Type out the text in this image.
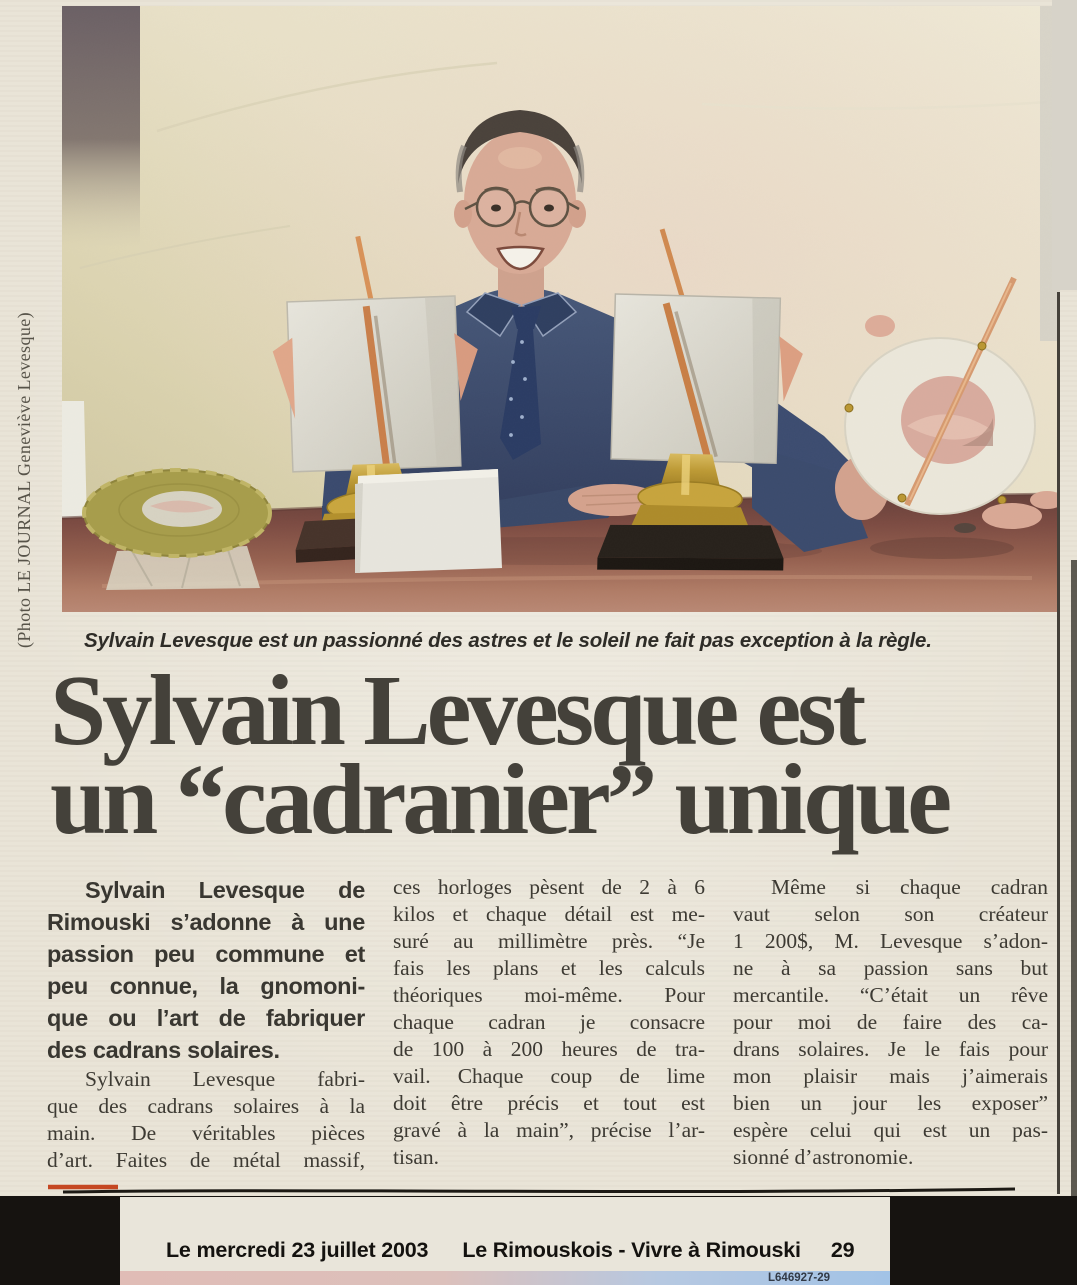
(Photo LE JOURNAL Geneviève Levesque) Sylvain Levesque est un passionné des astres et le soleil ne fait pas exception à la règle.
Sylvain Levesque est
un “cadranier” unique
Sylvain Levesque de
Rimouski s’adonne à une
passion peu commune et
peu connue, la gnomoni-
que ou l’art de fabriquer
des cadrans solaires.
Sylvain Levesque fabri-
que des cadrans solaires à la
main. De véritables pièces
d’art. Faites de métal massif,
ces horloges pèsent de 2 à 6
kilos et chaque détail est me-
suré au millimètre près. “Je
fais les plans et les calculs
théoriques moi-même. Pour
chaque cadran je consacre
de 100 à 200 heures de tra-
vail. Chaque coup de lime
doit être précis et tout est
gravé à la main”, précise l’ar-
tisan.
Même si chaque cadran
vaut selon son créateur
1 200$, M. Levesque s’adon-
ne à sa passion sans but
mercantile. “C’était un rêve
pour moi de faire des ca-
drans solaires. Je le fais pour
mon plaisir mais j’aimerais
bien un jour les exposer”
espère celui qui est un pas-
sionné d’astronomie.
Le mercredi 23 juillet 2003 Le Rimouskois - Vivre à Rimouski 29
L646927-29
